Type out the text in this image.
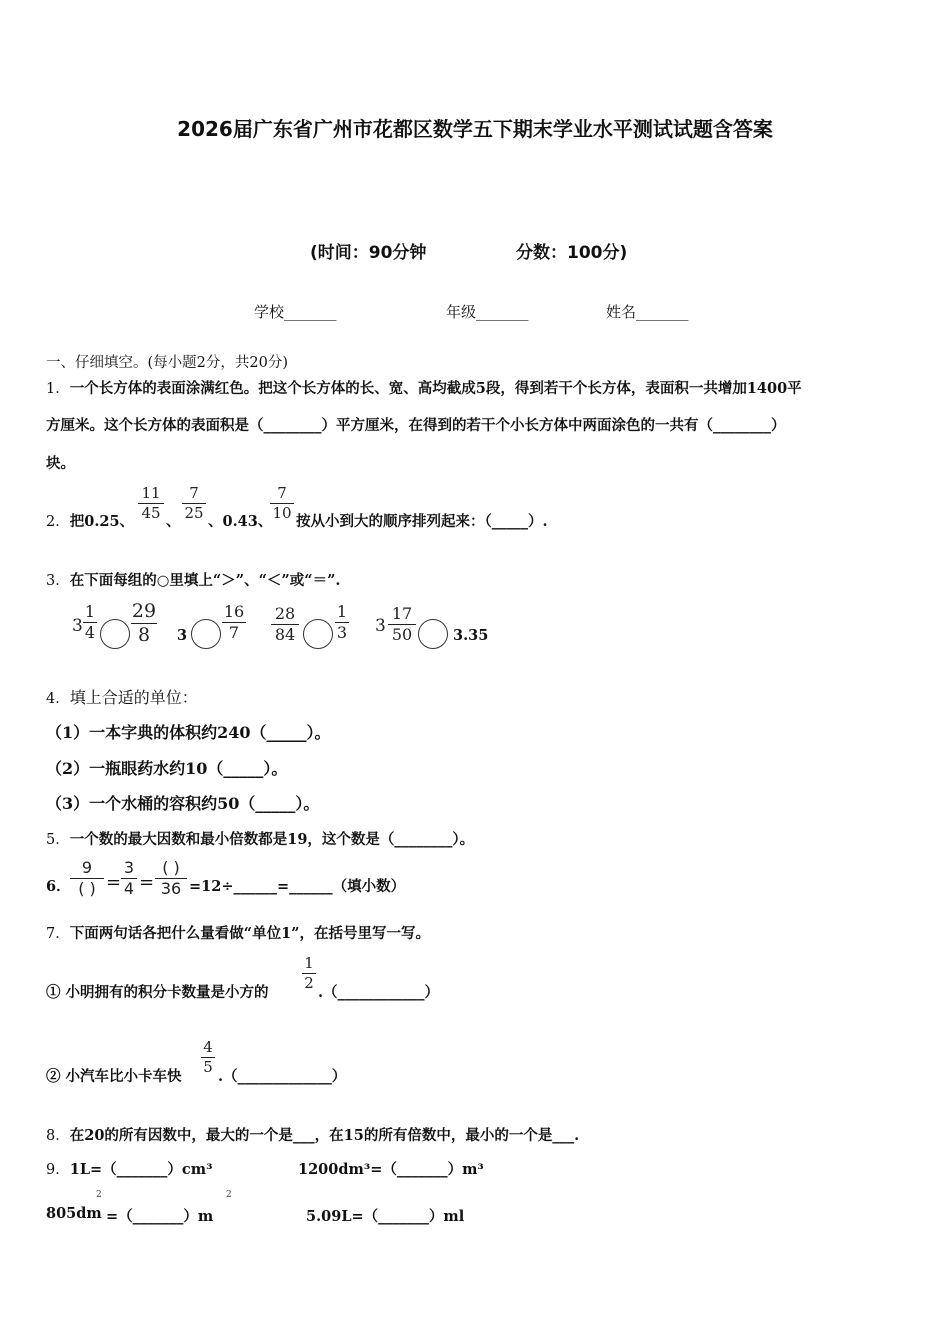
2026届广东省广州市花都区数学五下期末学业水平测试试题含答案
(时间：90分钟	分数：100分)
学校_______	年级_______	姓名_______
一、仔细填空。(每小题2分，共20分)
1．一个长方体的表面涂满红色。把这个长方体的长、宽、高均截成5段，得到若干个长方体，表面积一共增加1400平
方厘米。这个长方体的表面积是（________）平方厘米，在得到的若干个小长方体中两面涂色的一共有（________）
块。
2．把0.25、
11
45 、
7
25 、0.43、
7
10 按从小到大的顺序排列起来：（_____）.
3．在下面每组的○里填上“＞”、“＜”或“＝”.
3
1
4
29
8	3
16
7
28
84
1
3 3
17
50	3.35
4．填上合适的单位：
（1）一本字典的体积约240（_____）。
（2）一瓶眼药水约10（_____）。
（3）一个水桶的容积约50（_____）。
5．一个数的最大因数和最小倍数都是19，这个数是（________）。
6．
9
( ) =
3
4 =
( )
36 =12÷______=______（填小数）
7．下面两句话各把什么量看做“单位1”，在括号里写一写。
① 小明拥有的积分卡数量是小方的
1
2
.（____________）
② 小汽车比小卡车快
4
5
.（_____________）
8．在20的所有因数中，最大的一个是___，在15的所有倍数中，最小的一个是___.
9．1L=（_______）cm³	1200dm³=（_______）m³
805dm
2
=（_______）m
2
5.09L=（_______）ml
